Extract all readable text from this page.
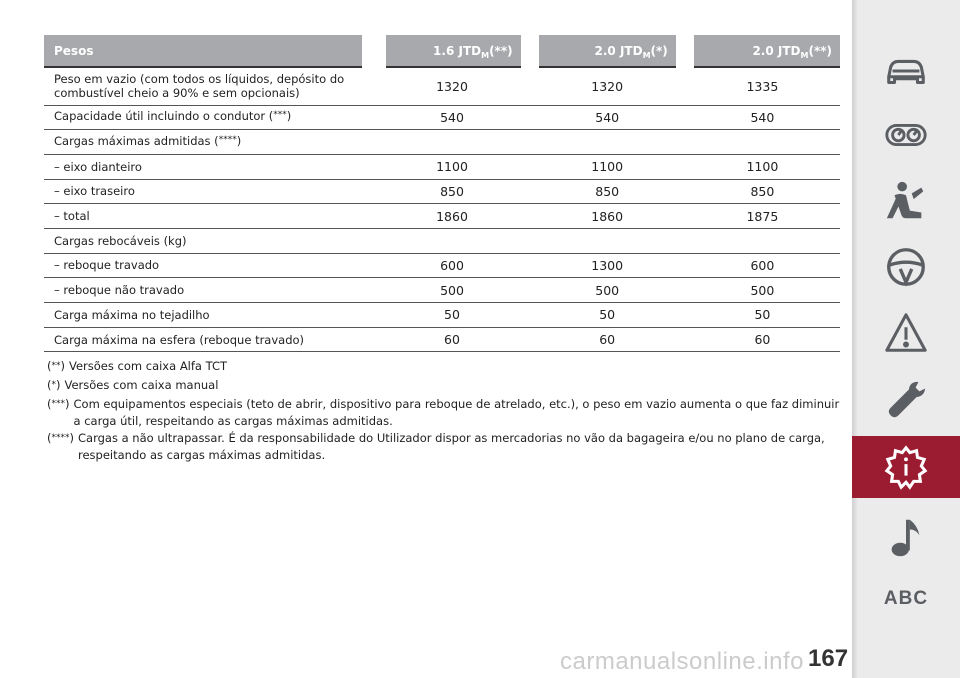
Pesos	1.6 $JTD_M(**)$	2.0 $JTD_M(*)$	2.0 $JTD_M(**)$
Peso em vazio (com todos os líquidos, depósito do combustível cheio a 90% e sem opcionais)	1320	1320	1335
Capacidade útil incluindo o condutor (***)	540	540	540
Cargas máximas admitidas (****)			
– eixo dianteiro	1100	1100	1100
– eixo traseiro	850	850	850
– total	1860	1860	1875
Cargas rebocáveis (kg)			
– reboque travado	600	1300	600
– reboque não travado	500	500	500
Carga máxima no tejadilho	50	50	50
Carga máxima na esfera (reboque travado)	60	60	60
(**) Versões com caixa Alfa TCT
(*) Versões com caixa manual
(***) Com equipamentos especiais (teto de abrir, dispositivo para reboque de atrelado, etc.), o peso em vazio aumenta o que faz diminuir a carga útil, respeitando as cargas máximas admitidas.
(****) Cargas a não ultrapassar. É da responsabilidade do Utilizador dispor as mercadorias no vão da bagageira e/ou no plano de carga, respeitando as cargas máximas admitidas.
ABC
carmanualsonline.info 167
